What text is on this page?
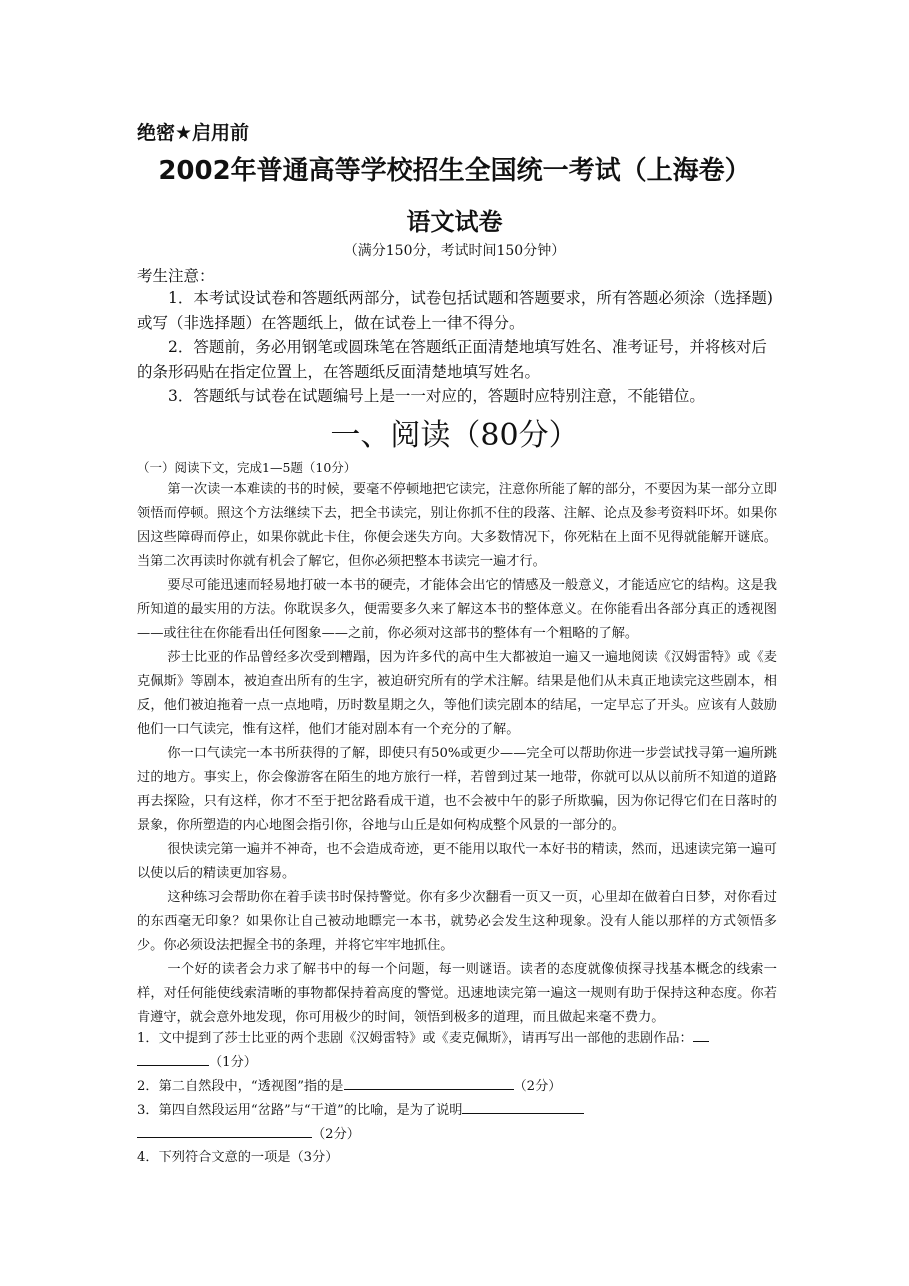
绝密★启用前
2002年普通高等学校招生全国统一考试（上海卷）
语文试卷
（满分150分，考试时间150分钟）
考生注意：
1．本考试设试卷和答题纸两部分，试卷包括试题和答题要求，所有答题必须涂（选择题)或写（非选择题）在答题纸上，做在试卷上一律不得分。
2．答题前，务必用钢笔或圆珠笔在答题纸正面清楚地填写姓名、准考证号，并将核对后的条形码贴在指定位置上，在答题纸反面清楚地填写姓名。
3．答题纸与试卷在试题编号上是一一对应的，答题时应特别注意，不能错位。
一、阅读（80分）
（一）阅读下文，完成1—5题（10分）

第一次读一本难读的书的时候，要毫不停顿地把它读完，注意你所能了解的部分，不要因为某一部分立即领悟而停顿。照这个方法继续下去，把全书读完，别让你抓不住的段落、注解、论点及参考资料吓坏。如果你因这些障碍而停止，如果你就此卡住，你便会迷失方向。大多数情况下，你死粘在上面不见得就能解开谜底。当第二次再读时你就有机会了解它，但你必须把整本书读完一遍才行。

要尽可能迅速而轻易地打破一本书的硬壳，才能体会出它的情感及一般意义，才能适应它的结构。这是我所知道的最实用的方法。你耽误多久，便需要多久来了解这本书的整体意义。在你能看出各部分真正的透视图——或往往在你能看出任何图象——之前，你必须对这部书的整体有一个粗略的了解。

莎士比亚的作品曾经多次受到糟蹋，因为许多代的高中生大都被迫一遍又一遍地阅读《汉姆雷特》或《麦克佩斯》等剧本，被迫查出所有的生字，被迫研究所有的学术注解。结果是他们从未真正地读完这些剧本，相反，他们被迫拖着一点一点地啃，历时数星期之久，等他们读完剧本的结尾，一定早忘了开头。应该有人鼓励他们一口气读完，惟有这样，他们才能对剧本有一个充分的了解。

你一口气读完一本书所获得的了解，即使只有50%或更少——完全可以帮助你进一步尝试找寻第一遍所跳过的地方。事实上，你会像游客在陌生的地方旅行一样，若曾到过某一地带，你就可以从以前所不知道的道路再去探险，只有这样，你才不至于把岔路看成干道，也不会被中午的影子所欺骗，因为你记得它们在日落时的景象，你所塑造的内心地图会指引你，谷地与山丘是如何构成整个风景的一部分的。

很快读完第一遍并不神奇，也不会造成奇迹，更不能用以取代一本好书的精读，然而，迅速读完第一遍可以使以后的精读更加容易。

这种练习会帮助你在着手读书时保持警觉。你有多少次翻看一页又一页，心里却在做着白日梦，对你看过的东西毫无印象？如果你让自己被动地瞟完一本书，就势必会发生这种现象。没有人能以那样的方式领悟多少。你必须设法把握全书的条理，并将它牢牢地抓住。

一个好的读者会力求了解书中的每一个问题，每一则谜语。读者的态度就像侦探寻找基本概念的线索一样，对任何能使线索清晰的事物都保持着高度的警觉。迅速地读完第一遍这一规则有助于保持这种态度。你若肯遵守，就会意外地发现，你可用极少的时间，领悟到极多的道理，而且做起来毫不费力。

1．文中提到了莎士比亚的两个悲剧《汉姆雷特》或《麦克佩斯》，请再写出一部他的悲剧作品：
（1分）
2．第二自然段中，“透视图”指的是	（2分）
3．第四自然段运用“岔路”与“干道”的比喻，是为了说明
（2分）
4．下列符合文意的一项是（3分）
